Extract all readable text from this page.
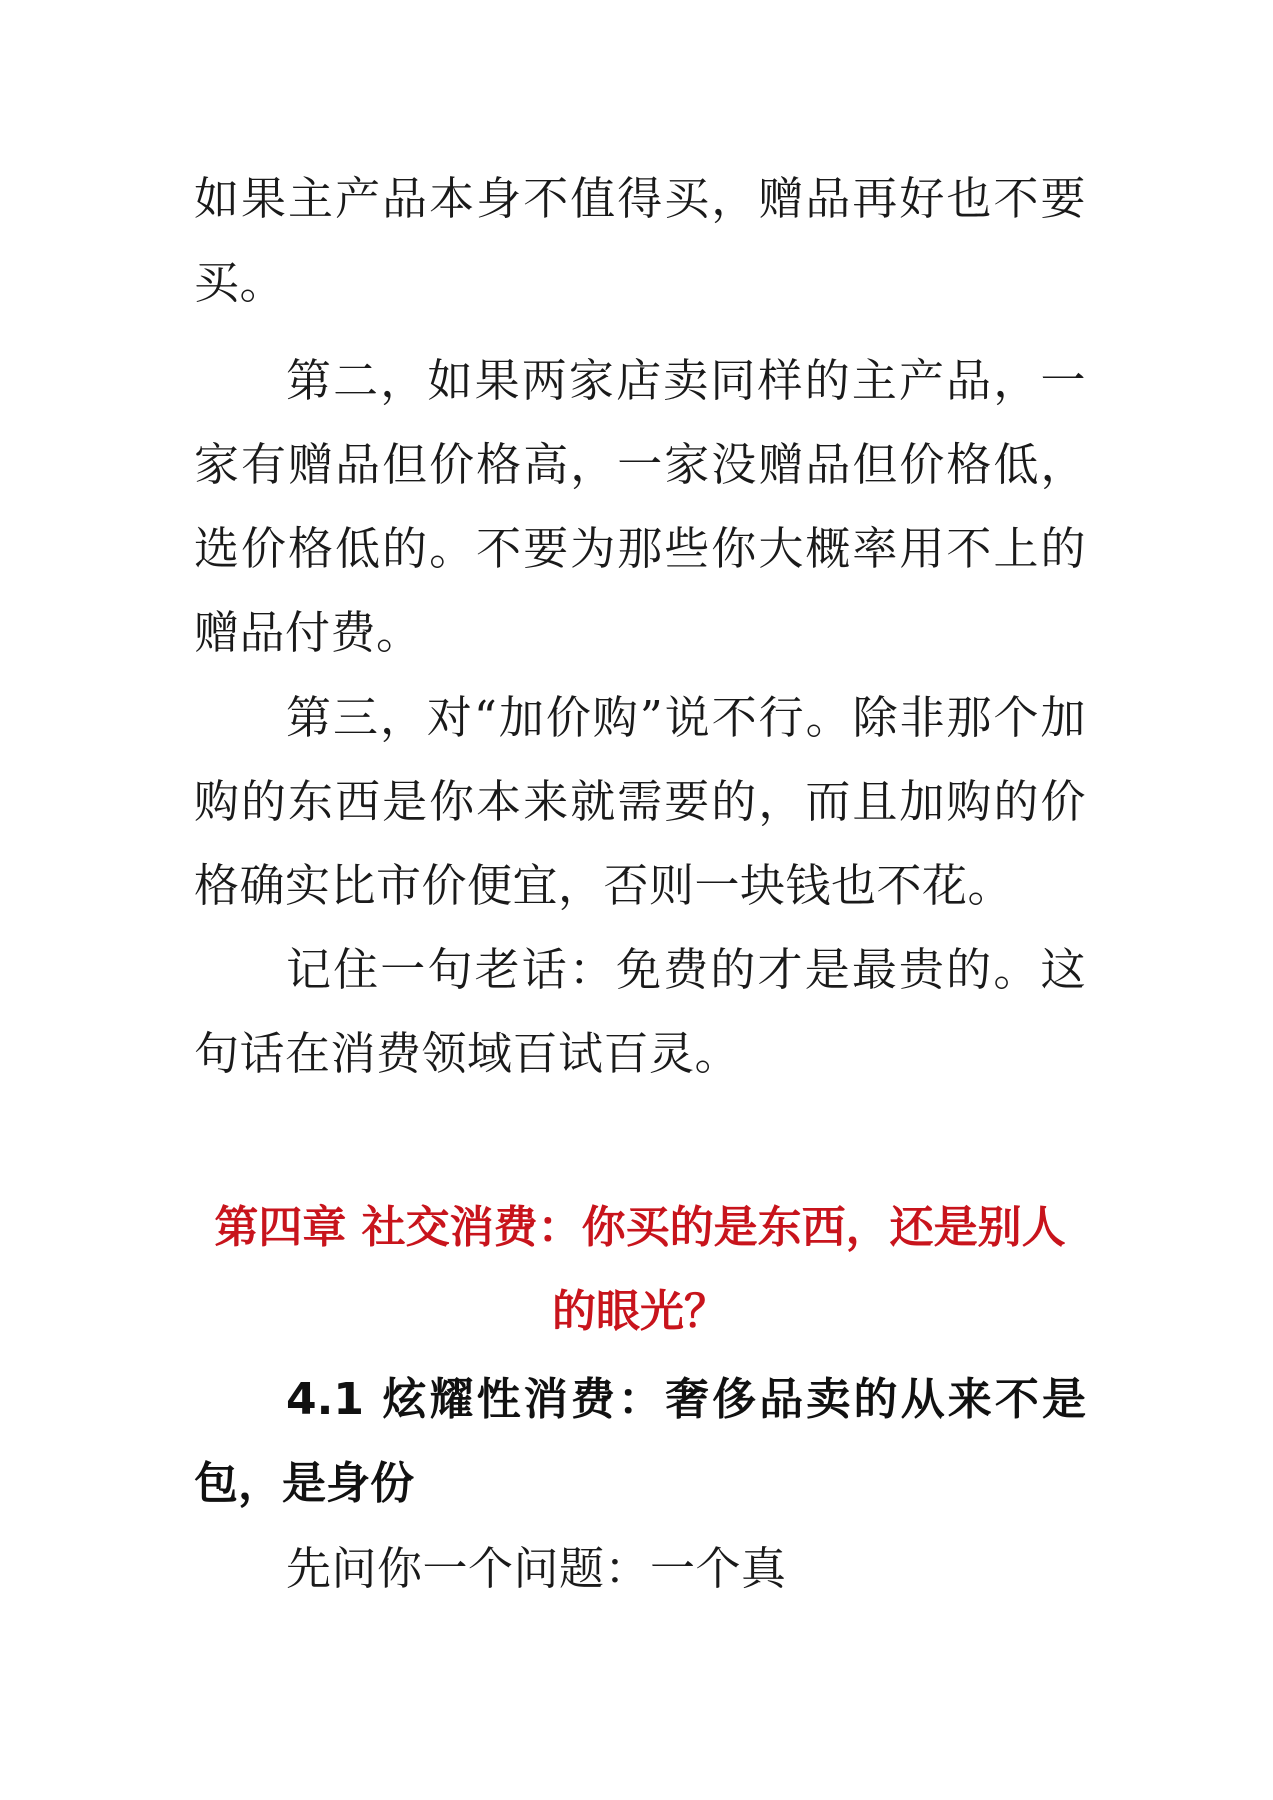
如果主产品本身不值得买，赠品再好也不要买。

第二，如果两家店卖同样的主产品，一家有赠品但价格高，一家没赠品但价格低，选价格低的。不要为那些你大概率用不上的赠品付费。

第三，对“加价购”说不行。除非那个加购的东西是你本来就需要的，而且加购的价格确实比市价便宜，否则一块钱也不花。

记住一句老话：免费的才是最贵的。这句话在消费领域百试百灵。

第四章 社交消费：你买的是东西，还是别人的眼光？
4.1 炫耀性消费：奢侈品卖的从来不是包，是身份

先问你一个问题：一个真
